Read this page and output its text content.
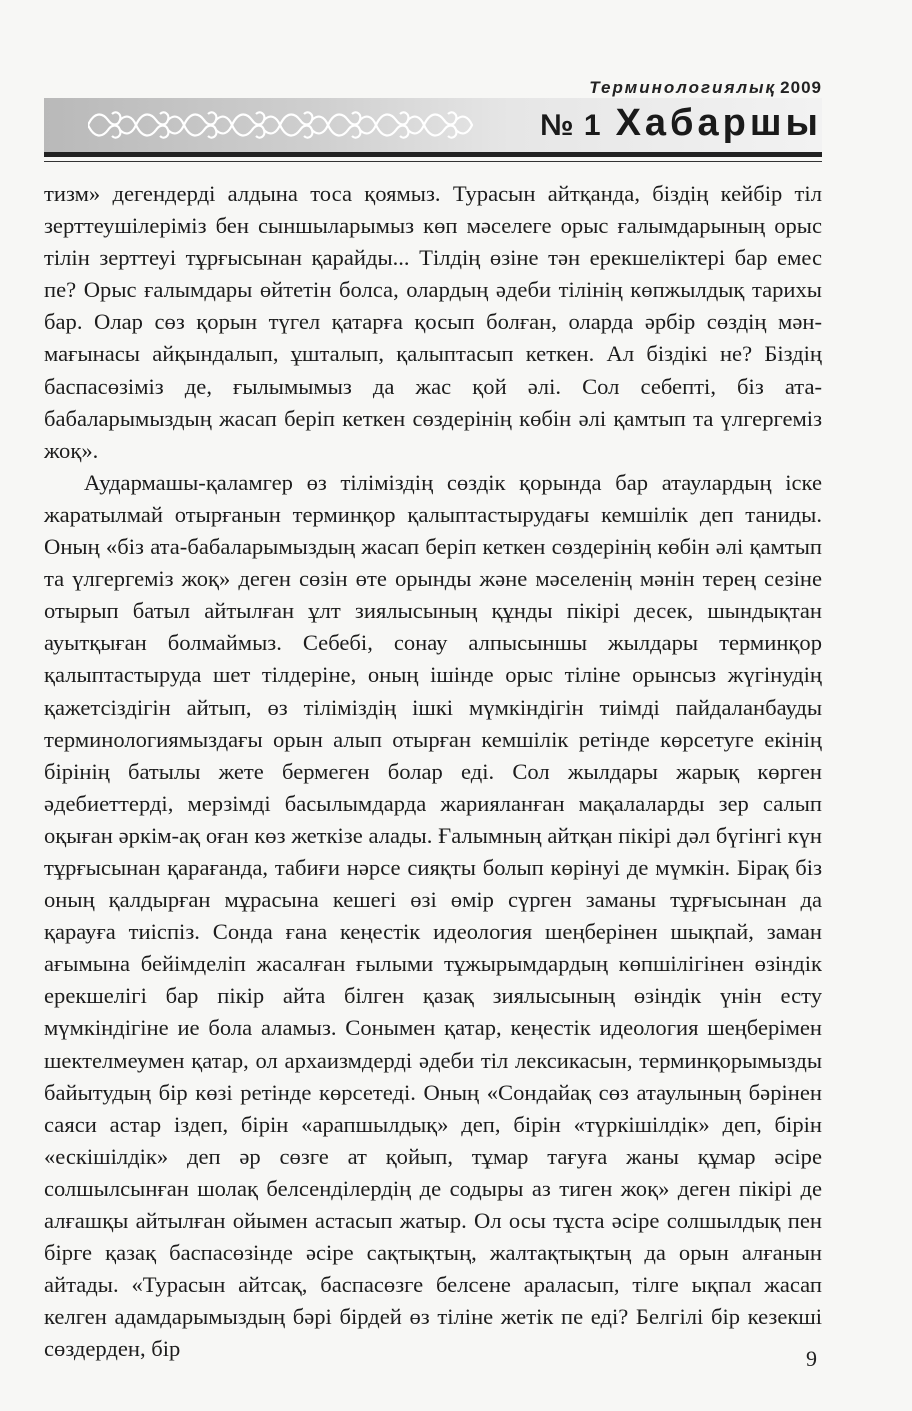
Терминологиялық 2009
№ 1 Хабаршы

тизм» дегендерді алдына тоса қоямыз. Турасын айтқанда, біздің кейбір тіл зерттеушілеріміз бен сыншыларымыз көп мәселеге орыс ғалымдарының орыс тілін зерттеуі тұрғысынан қарайды... Тілдің өзіне тән ерекшеліктері бар емес пе? Орыс ғалымдары өйтетін болса, олардың әдеби тілінің көпжылдық тарихы бар. Олар сөз қорын түгел қатарға қосып болған, оларда әрбір сөздің мән-мағынасы айқындалып, ұшталып, қалыптасып кеткен. Ал біздікі не? Біздің баспасөзіміз де, ғылымымыз да жас қой әлі. Сол себепті, біз ата-бабаларымыздың жасап беріп кеткен сөздерінің көбін әлі қамтып та үлгергеміз жоқ».

Аудармашы-қаламгер өз тіліміздің сөздік қорында бар атаулардың іске жаратылмай отырғанын терминқор қалыптастырудағы кемшілік деп таниды. Оның «біз ата-бабаларымыздың жасап беріп кеткен сөздерінің көбін әлі қамтып та үлгергеміз жоқ» деген сөзін өте орынды және мәселенің мәнін терең сезіне отырып батыл айтылған ұлт зиялысының құнды пікірі десек, шындықтан ауытқыған болмаймыз. Себебі, сонау алпысыншы жылдары терминқор қалыптастыруда шет тілдеріне, оның ішінде орыс тіліне орынсыз жүгінудің қажетсіздігін айтып, өз тіліміздің ішкі мүмкіндігін тиімді пайдаланбауды терминологиямыздағы орын алып отырған кемшілік ретінде көрсетуге екінің бірінің батылы жете бермеген болар еді. Сол жылдары жарық көрген әдебиеттерді, мерзімді басылымдарда жарияланған мақалаларды зер салып оқыған әркім-ақ оған көз жеткізе алады. Ғалымның айтқан пікірі дәл бүгінгі күн тұрғысынан қарағанда, табиғи нәрсе сияқты болып көрінуі де мүмкін. Бірақ біз оның қалдырған мұрасына кешегі өзі өмір сүрген заманы тұрғысынан да қарауға тиіспіз. Сонда ғана кеңестік идеология шеңберінен шықпай, заман ағымына бейімделіп жасалған ғылыми тұжырымдардың көпшілігінен өзіндік ерекшелігі бар пікір айта білген қазақ зиялысының өзіндік үнін есту мүмкіндігіне ие бола аламыз. Сонымен қатар, кеңестік идеология шеңберімен шектелмеумен қатар, ол архаизмдерді әдеби тіл лексикасын, терминқорымызды байытудың бір көзі ретінде көрсетеді. Оның «Сондайақ сөз атаулының бәрінен саяси астар іздеп, бірін «арапшылдық» деп, бірін «түркішілдік» деп, бірін «ескішілдік» деп әр сөзге ат қойып, тұмар тағуға жаны құмар әсіре солшылсынған шолақ белсенділердің де содыры аз тиген жоқ» деген пікірі де алғашқы айтылған ойымен астасып жатыр. Ол осы тұста әсіре солшылдық пен бірге қазақ баспасөзінде әсіре сақтықтың, жалтақтықтың да орын алғанын айтады. «Турасын айтсақ, баспасөзге белсене араласып, тілге ықпал жасап келген адамдарымыздың бәрі бірдей өз тіліне жетік пе еді? Белгілі бір кезекші сөздерден, бір	9
